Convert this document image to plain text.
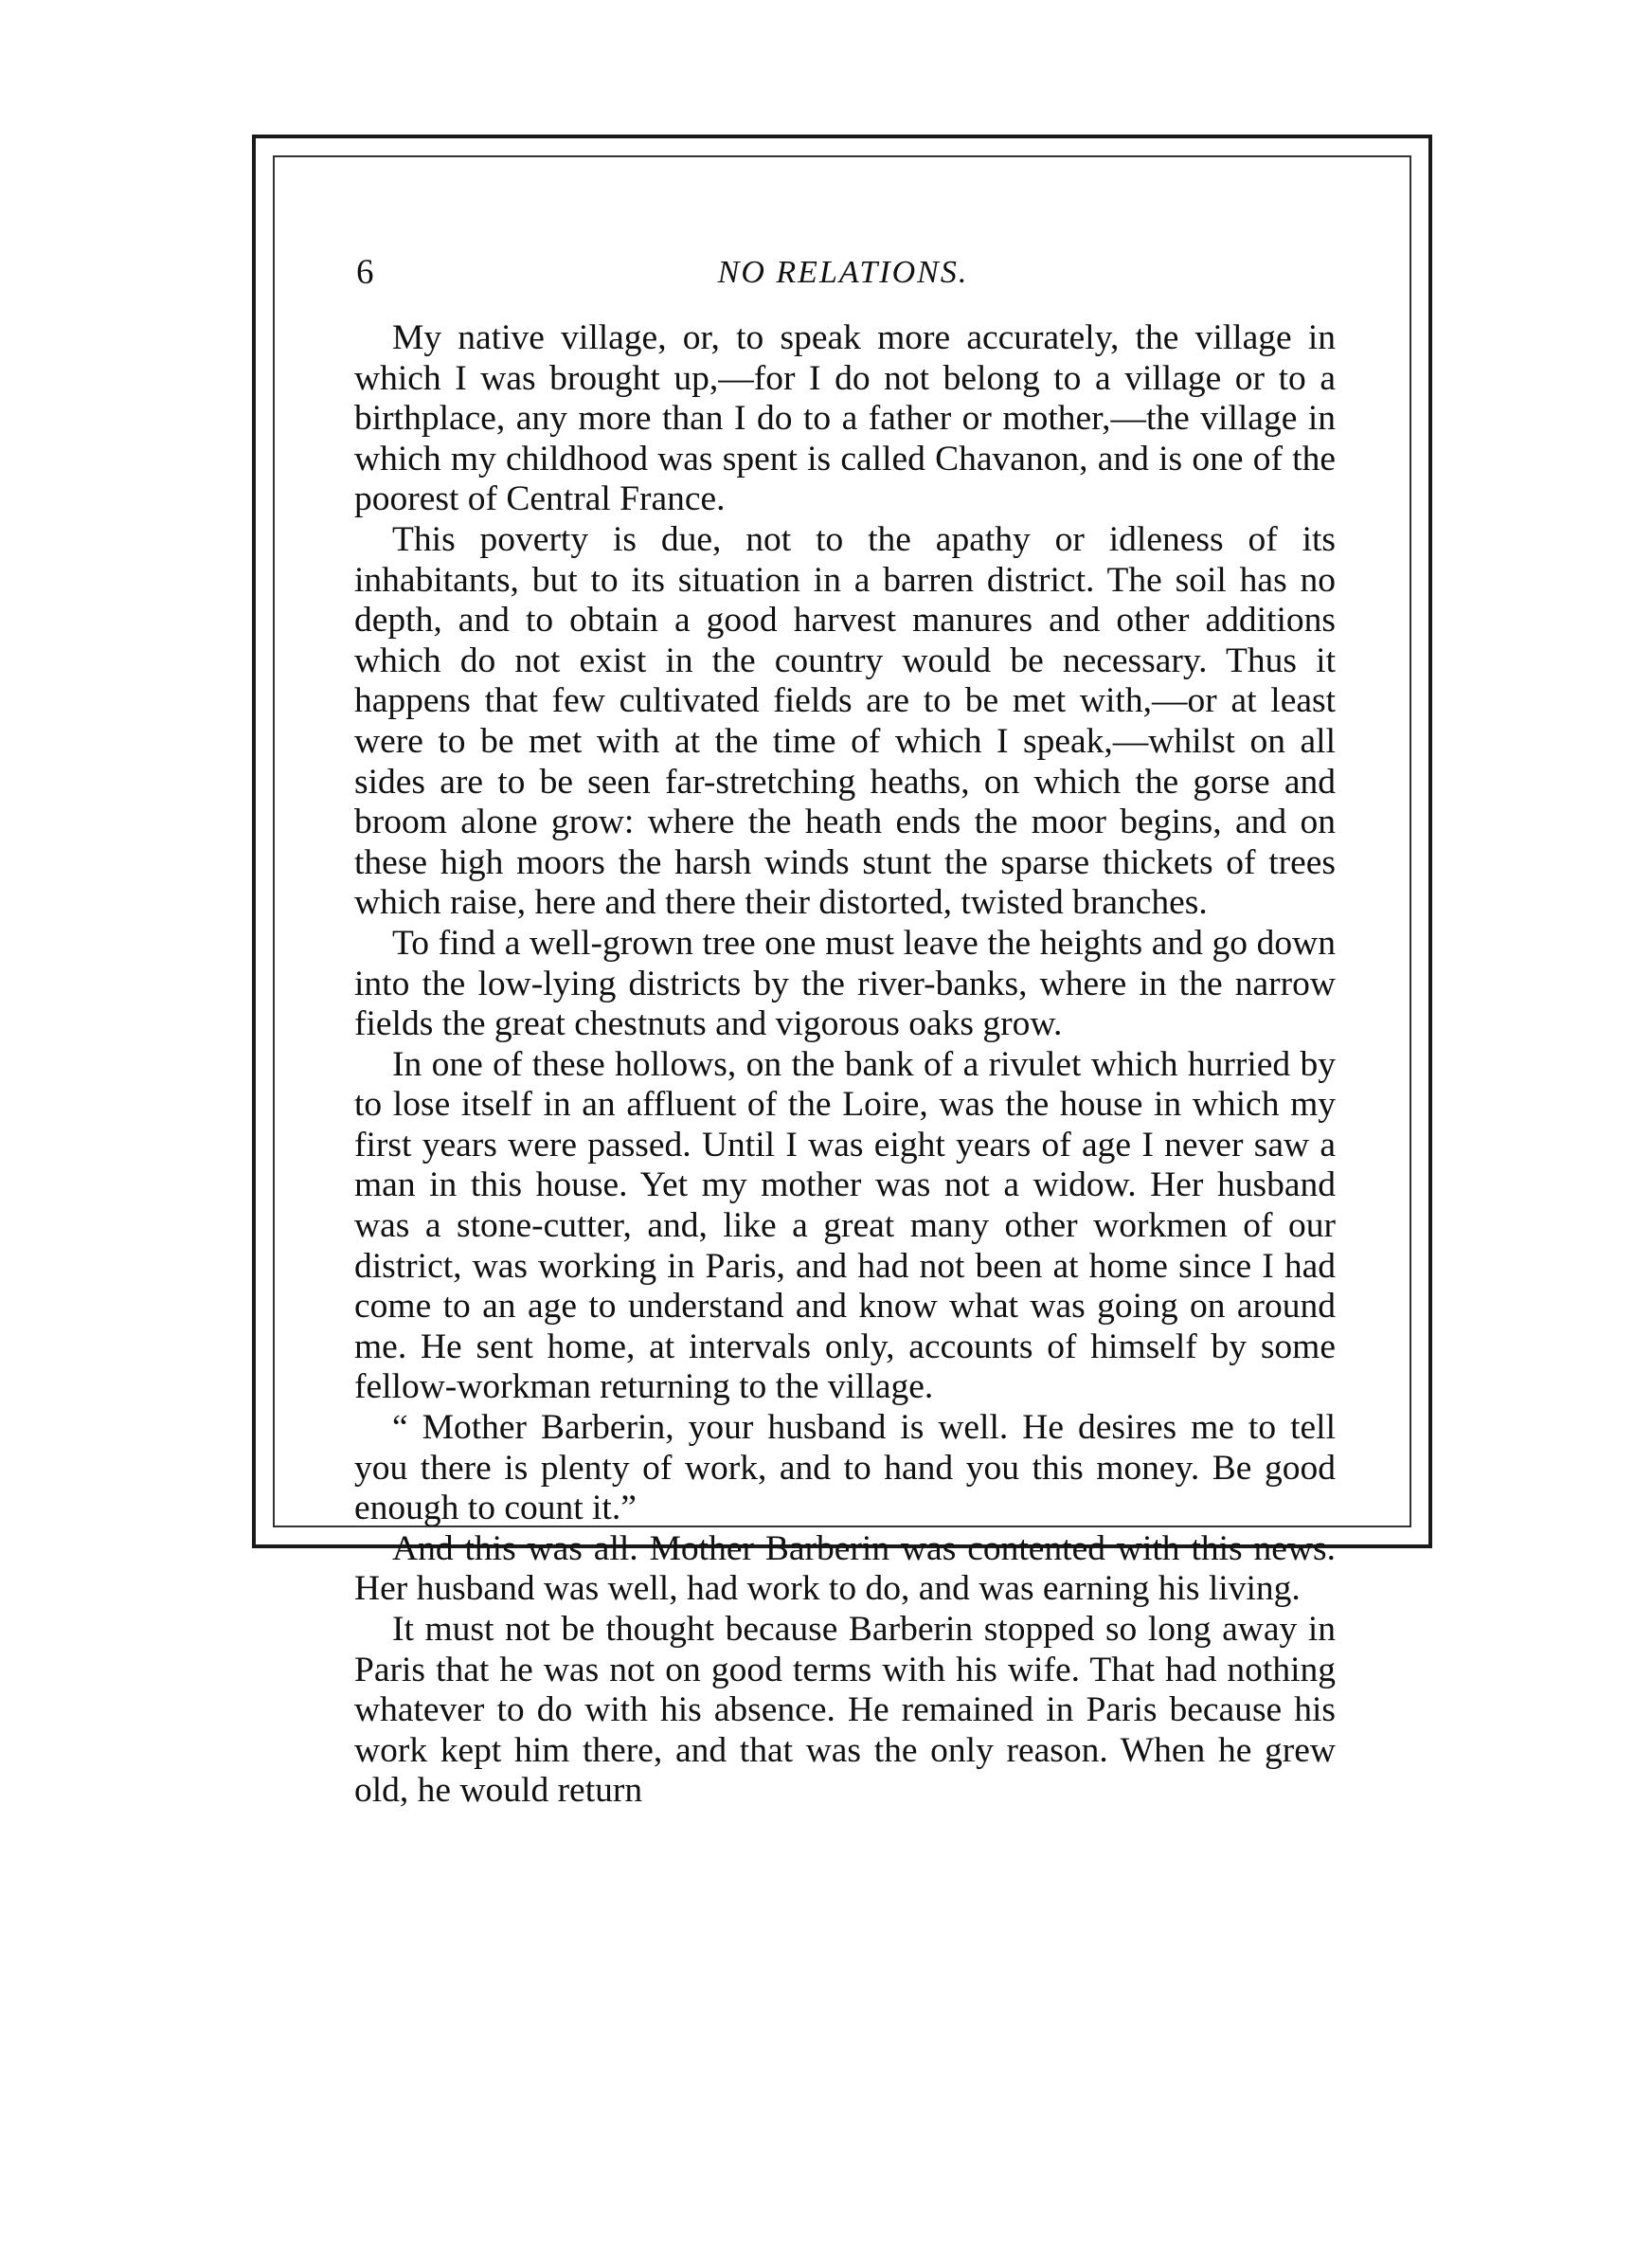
6	NO RELATIONS.

My native village, or, to speak more accurately, the village in which I was brought up,—for I do not belong to a village or to a birthplace, any more than I do to a father or mother,—the village in which my childhood was spent is called Chavanon, and is one of the poorest of Central France.

This poverty is due, not to the apathy or idleness of its inhabitants, but to its situation in a barren district. The soil has no depth, and to obtain a good harvest manures and other additions which do not exist in the country would be necessary. Thus it happens that few cultivated fields are to be met with,—or at least were to be met with at the time of which I speak,—whilst on all sides are to be seen far-stretching heaths, on which the gorse and broom alone grow: where the heath ends the moor begins, and on these high moors the harsh winds stunt the sparse thickets of trees which raise, here and there their distorted, twisted branches.

To find a well-grown tree one must leave the heights and go down into the low-lying districts by the river-banks, where in the narrow fields the great chestnuts and vigorous oaks grow.

In one of these hollows, on the bank of a rivulet which hurried by to lose itself in an affluent of the Loire, was the house in which my first years were passed. Until I was eight years of age I never saw a man in this house. Yet my mother was not a widow. Her husband was a stone-cutter, and, like a great many other workmen of our district, was working in Paris, and had not been at home since I had come to an age to understand and know what was going on around me. He sent home, at intervals only, accounts of himself by some fellow-workman returning to the village.

“ Mother Barberin, your husband is well. He desires me to tell you there is plenty of work, and to hand you this money. Be good enough to count it.”

And this was all. Mother Barberin was contented with this news. Her husband was well, had work to do, and was earning his living.

It must not be thought because Barberin stopped so long away in Paris that he was not on good terms with his wife. That had nothing whatever to do with his absence. He remained in Paris because his work kept him there, and that was the only reason. When he grew old, he would return
